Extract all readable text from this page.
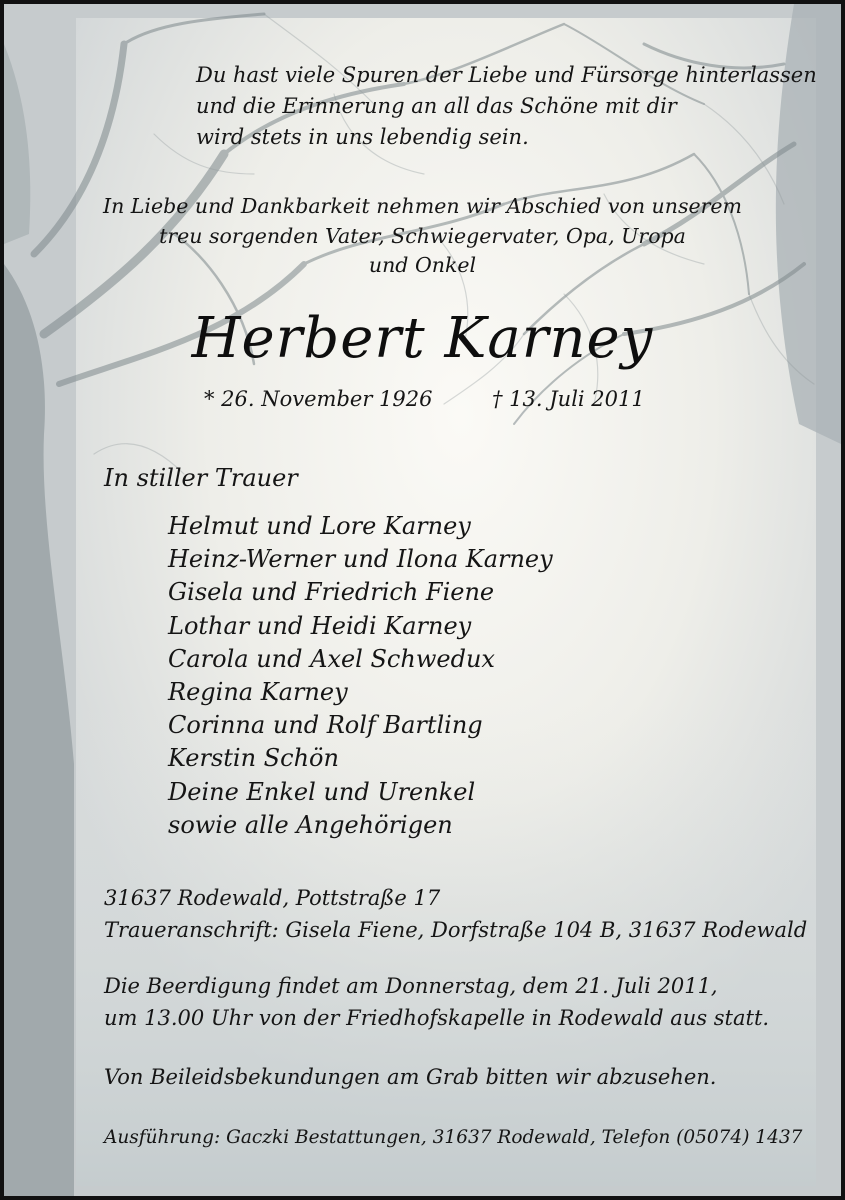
Du hast viele Spuren der Liebe und Fürsorge hinterlassen
und die Erinnerung an all das Schöne mit dir
wird stets in uns lebendig sein.
In Liebe und Dankbarkeit nehmen wir Abschied von unserem
treu sorgenden Vater, Schwiegervater, Opa, Uropa
und Onkel
Herbert Karney
* 26. November 1926	† 13. Juli 2011
In stiller Trauer
Helmut und Lore Karney
Heinz-Werner und Ilona Karney
Gisela und Friedrich Fiene
Lothar und Heidi Karney
Carola und Axel Schwedux
Regina Karney
Corinna und Rolf Bartling
Kerstin Schön
Deine Enkel und Urenkel
sowie alle Angehörigen
31637 Rodewald, Pottstraße 17
Traueranschrift: Gisela Fiene, Dorfstraße 104 B, 31637 Rodewald
Die Beerdigung findet am Donnerstag, dem 21. Juli 2011,
um 13.00 Uhr von der Friedhofskapelle in Rodewald aus statt.
Von Beileidsbekundungen am Grab bitten wir abzusehen.
Ausführung: Gaczki Bestattungen, 31637 Rodewald, Telefon (05074) 1437
